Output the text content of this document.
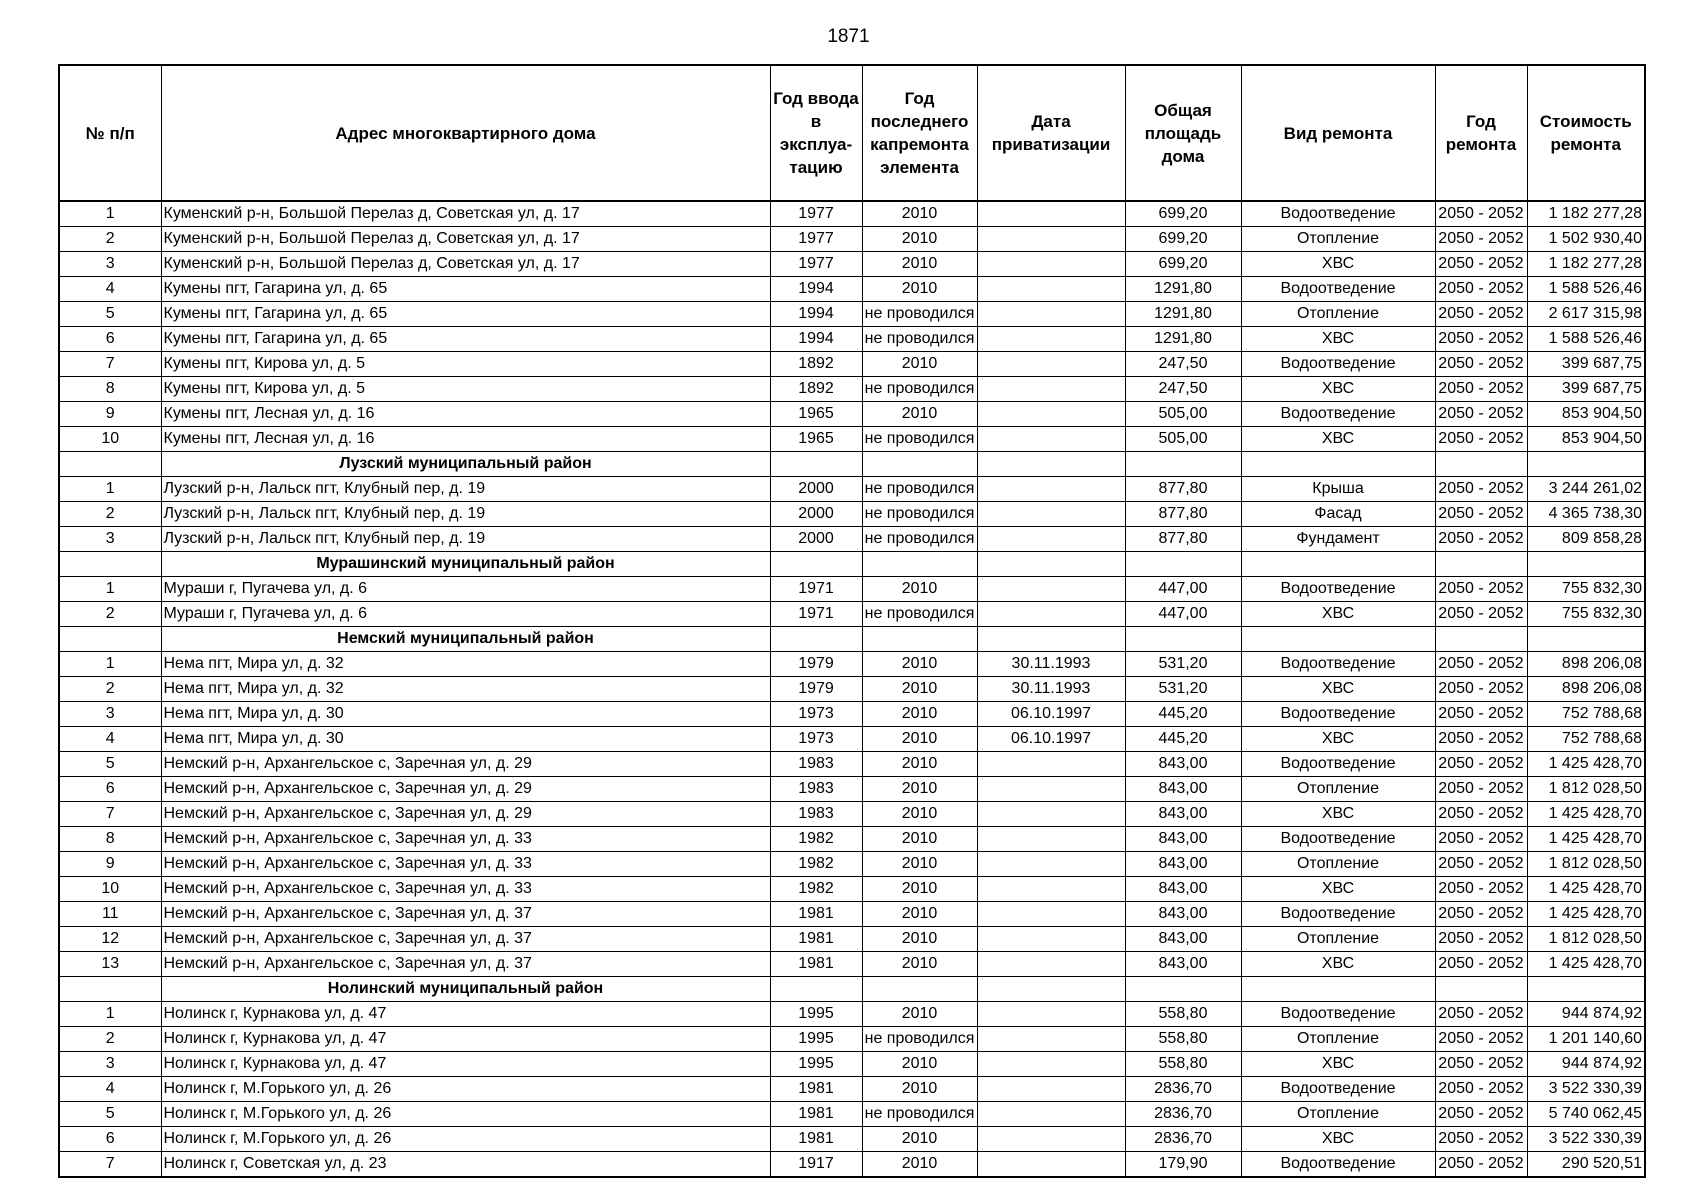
1871
№ п/п	Адрес многоквартирного дома	Год ввода в эксплуа-тацию	Год последнего капремонта элемента	Дата приватизации	Общая площадь дома	Вид ремонта	Год ремонта	Стоимость ремонта
1	Куменский р-н, Большой Перелаз д, Советская ул, д. 17	1977	2010		699,20	Водоотведение	2050 - 2052	1 182 277,28
2	Куменский р-н, Большой Перелаз д, Советская ул, д. 17	1977	2010		699,20	Отопление	2050 - 2052	1 502 930,40
3	Куменский р-н, Большой Перелаз д, Советская ул, д. 17	1977	2010		699,20	ХВС	2050 - 2052	1 182 277,28
4	Кумены пгт, Гагарина ул, д. 65	1994	2010		1291,80	Водоотведение	2050 - 2052	1 588 526,46
5	Кумены пгт, Гагарина ул, д. 65	1994	не проводился		1291,80	Отопление	2050 - 2052	2 617 315,98
6	Кумены пгт, Гагарина ул, д. 65	1994	не проводился		1291,80	ХВС	2050 - 2052	1 588 526,46
7	Кумены пгт, Кирова ул, д. 5	1892	2010		247,50	Водоотведение	2050 - 2052	399 687,75
8	Кумены пгт, Кирова ул, д. 5	1892	не проводился		247,50	ХВС	2050 - 2052	399 687,75
9	Кумены пгт, Лесная ул, д. 16	1965	2010		505,00	Водоотведение	2050 - 2052	853 904,50
10	Кумены пгт, Лесная ул, д. 16	1965	не проводился		505,00	ХВС	2050 - 2052	853 904,50
	Лузский муниципальный район							
1	Лузский р-н, Лальск пгт, Клубный пер, д. 19	2000	не проводился		877,80	Крыша	2050 - 2052	3 244 261,02
2	Лузский р-н, Лальск пгт, Клубный пер, д. 19	2000	не проводился		877,80	Фасад	2050 - 2052	4 365 738,30
3	Лузский р-н, Лальск пгт, Клубный пер, д. 19	2000	не проводился		877,80	Фундамент	2050 - 2052	809 858,28
	Мурашинский муниципальный район							
1	Мураши г, Пугачева ул, д. 6	1971	2010		447,00	Водоотведение	2050 - 2052	755 832,30
2	Мураши г, Пугачева ул, д. 6	1971	не проводился		447,00	ХВС	2050 - 2052	755 832,30
	Немский муниципальный район							
1	Нема пгт, Мира ул, д. 32	1979	2010	30.11.1993	531,20	Водоотведение	2050 - 2052	898 206,08
2	Нема пгт, Мира ул, д. 32	1979	2010	30.11.1993	531,20	ХВС	2050 - 2052	898 206,08
3	Нема пгт, Мира ул, д. 30	1973	2010	06.10.1997	445,20	Водоотведение	2050 - 2052	752 788,68
4	Нема пгт, Мира ул, д. 30	1973	2010	06.10.1997	445,20	ХВС	2050 - 2052	752 788,68
5	Немский р-н, Архангельское с, Заречная ул, д. 29	1983	2010		843,00	Водоотведение	2050 - 2052	1 425 428,70
6	Немский р-н, Архангельское с, Заречная ул, д. 29	1983	2010		843,00	Отопление	2050 - 2052	1 812 028,50
7	Немский р-н, Архангельское с, Заречная ул, д. 29	1983	2010		843,00	ХВС	2050 - 2052	1 425 428,70
8	Немский р-н, Архангельское с, Заречная ул, д. 33	1982	2010		843,00	Водоотведение	2050 - 2052	1 425 428,70
9	Немский р-н, Архангельское с, Заречная ул, д. 33	1982	2010		843,00	Отопление	2050 - 2052	1 812 028,50
10	Немский р-н, Архангельское с, Заречная ул, д. 33	1982	2010		843,00	ХВС	2050 - 2052	1 425 428,70
11	Немский р-н, Архангельское с, Заречная ул, д. 37	1981	2010		843,00	Водоотведение	2050 - 2052	1 425 428,70
12	Немский р-н, Архангельское с, Заречная ул, д. 37	1981	2010		843,00	Отопление	2050 - 2052	1 812 028,50
13	Немский р-н, Архангельское с, Заречная ул, д. 37	1981	2010		843,00	ХВС	2050 - 2052	1 425 428,70
	Нолинский муниципальный район							
1	Нолинск г, Курнакова ул, д. 47	1995	2010		558,80	Водоотведение	2050 - 2052	944 874,92
2	Нолинск г, Курнакова ул, д. 47	1995	не проводился		558,80	Отопление	2050 - 2052	1 201 140,60
3	Нолинск г, Курнакова ул, д. 47	1995	2010		558,80	ХВС	2050 - 2052	944 874,92
4	Нолинск г, М.Горького ул, д. 26	1981	2010		2836,70	Водоотведение	2050 - 2052	3 522 330,39
5	Нолинск г, М.Горького ул, д. 26	1981	не проводился		2836,70	Отопление	2050 - 2052	5 740 062,45
6	Нолинск г, М.Горького ул, д. 26	1981	2010		2836,70	ХВС	2050 - 2052	3 522 330,39
7	Нолинск г, Советская ул, д. 23	1917	2010		179,90	Водоотведение	2050 - 2052	290 520,51
